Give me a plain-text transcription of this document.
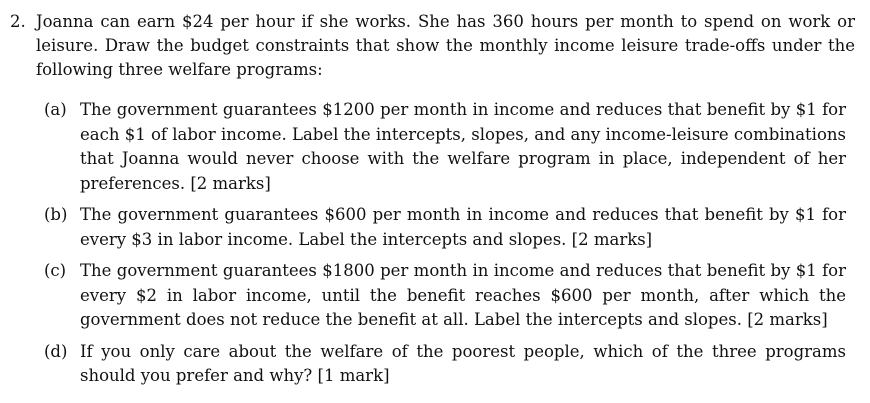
2. Joanna can earn $24 per hour if she works. She has 360 hours per month to spend on work or leisure. Draw the budget constraints that show the monthly income leisure trade-offs under the following three welfare programs:
(a) The government guarantees $1200 per month in income and reduces that benefit by $1 for each $1 of labor income. Label the intercepts, slopes, and any income-leisure combinations that Joanna would never choose with the welfare program in place, independent of her preferences. [2 marks]
(b) The government guarantees $600 per month in income and reduces that benefit by $1 for every $3 in labor income. Label the intercepts and slopes. [2 marks]
(c) The government guarantees $1800 per month in income and reduces that benefit by $1 for every $2 in labor income, until the benefit reaches $600 per month, after which the government does not reduce the benefit at all. Label the intercepts and slopes. [2 marks]
(d) If you only care about the welfare of the poorest people, which of the three programs should you prefer and why? [1 mark]
